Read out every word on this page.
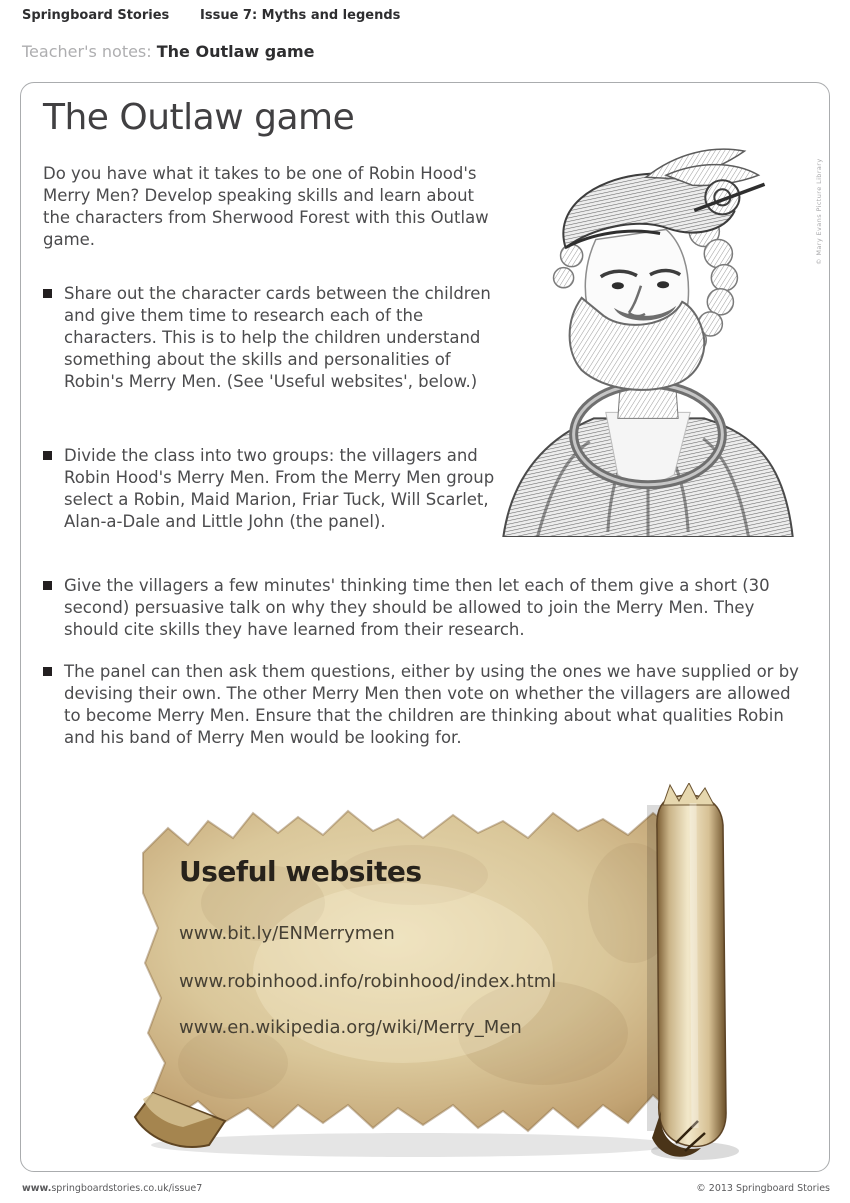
Springboard Stories Issue 7: Myths and legends
Teacher's notes: The Outlaw game
The Outlaw game

Do you have what it takes to be one of Robin Hood's Merry Men? Develop speaking skills and learn about the characters from Sherwood Forest with this Outlaw game.

Share out the character cards between the children and give them time to research each of the characters. This is to help the children understand something about the skills and personalities of Robin's Merry Men. (See 'Useful websites', below.)
Divide the class into two groups: the villagers and Robin Hood's Merry Men. From the Merry Men group select a Robin, Maid Marion, Friar Tuck, Will Scarlet, Alan-a-Dale and Little John (the panel).
Give the villagers a few minutes' thinking time then let each of them give a short (30 second) persuasive talk on why they should be allowed to join the Merry Men. They should cite skills they have learned from their research.
The panel can then ask them questions, either by using the ones we have supplied or by devising their own. The other Merry Men then vote on whether the villagers are allowed to become Merry Men. Ensure that the children are thinking about what qualities Robin and his band of Merry Men would be looking for.
© Mary Evans Picture Library
Useful websites
www.bit.ly/ENMerrymen
www.robinhood.info/robinhood/index.html
www.en.wikipedia.org/wiki/Merry_Men
www.springboardstories.co.uk/issue7	© 2013 Springboard Stories
